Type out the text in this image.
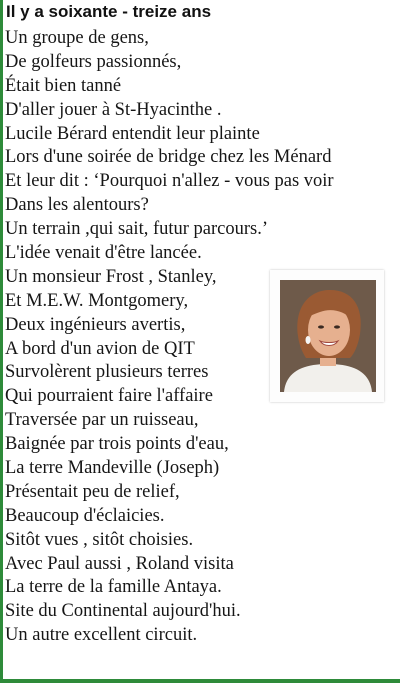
Il y a soixante - treize ans
Un groupe de gens,
De golfeurs passionnés,
Était bien tanné
D'aller jouer à St-Hyacinthe .
Lucile Bérard entendit leur plainte
Lors d'une soirée de bridge chez les Ménard
Et leur dit : ‘Pourquoi n'allez - vous pas voir
Dans les alentours?
Un terrain ,qui sait, futur parcours.’
L'idée venait d'être lancée.
Un monsieur Frost , Stanley,
Et M.E.W. Montgomery,
Deux ingénieurs avertis,
A bord d'un avion de QIT
Survolèrent plusieurs terres
Qui pourraient faire l'affaire
Traversée par un ruisseau,
Baignée par trois points d'eau,
La terre Mandeville (Joseph)
Présentait peu de relief,
Beaucoup d'éclaicies.
Sitôt vues , sitôt choisies.
Avec Paul aussi , Roland visita
La terre de la famille Antaya.
Site du Continental aujourd'hui.
Un autre excellent circuit.
